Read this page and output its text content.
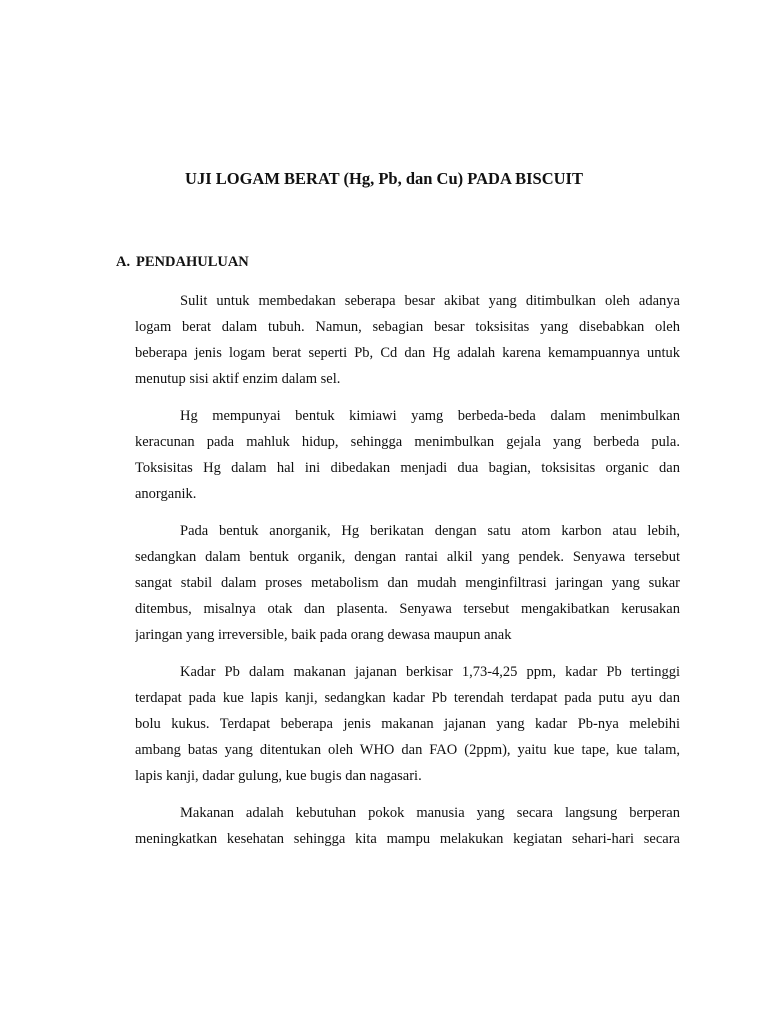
UJI LOGAM BERAT (Hg, Pb, dan Cu) PADA BISCUIT
A. PENDAHULUAN

Sulit untuk membedakan seberapa besar akibat yang ditimbulkan oleh adanya

logam berat dalam tubuh. Namun, sebagian besar toksisitas yang disebabkan oleh

beberapa jenis logam berat seperti Pb, Cd dan Hg adalah karena kemampuannya untuk

menutup sisi aktif enzim dalam sel.

Hg mempunyai bentuk kimiawi yamg berbeda-beda dalam menimbulkan

keracunan pada mahluk hidup, sehingga menimbulkan gejala yang berbeda pula.

Toksisitas Hg dalam hal ini dibedakan menjadi dua bagian, toksisitas organic dan

anorganik.

Pada bentuk anorganik, Hg berikatan dengan satu atom karbon atau lebih,

sedangkan dalam bentuk organik, dengan rantai alkil yang pendek. Senyawa tersebut

sangat stabil dalam proses metabolism dan mudah menginfiltrasi jaringan yang sukar

ditembus, misalnya otak dan plasenta. Senyawa tersebut mengakibatkan kerusakan

jaringan yang irreversible, baik pada orang dewasa maupun anak

Kadar Pb dalam makanan jajanan berkisar 1,73-4,25 ppm, kadar Pb tertinggi

terdapat pada kue lapis kanji, sedangkan kadar Pb terendah terdapat pada putu ayu dan

bolu kukus. Terdapat beberapa jenis makanan jajanan yang kadar Pb-nya melebihi

ambang batas yang ditentukan oleh WHO dan FAO (2ppm), yaitu kue tape, kue talam,

lapis kanji, dadar gulung, kue bugis dan nagasari.

Makanan adalah kebutuhan pokok manusia yang secara langsung berperan

meningkatkan kesehatan sehingga kita mampu melakukan kegiatan sehari-hari secara
